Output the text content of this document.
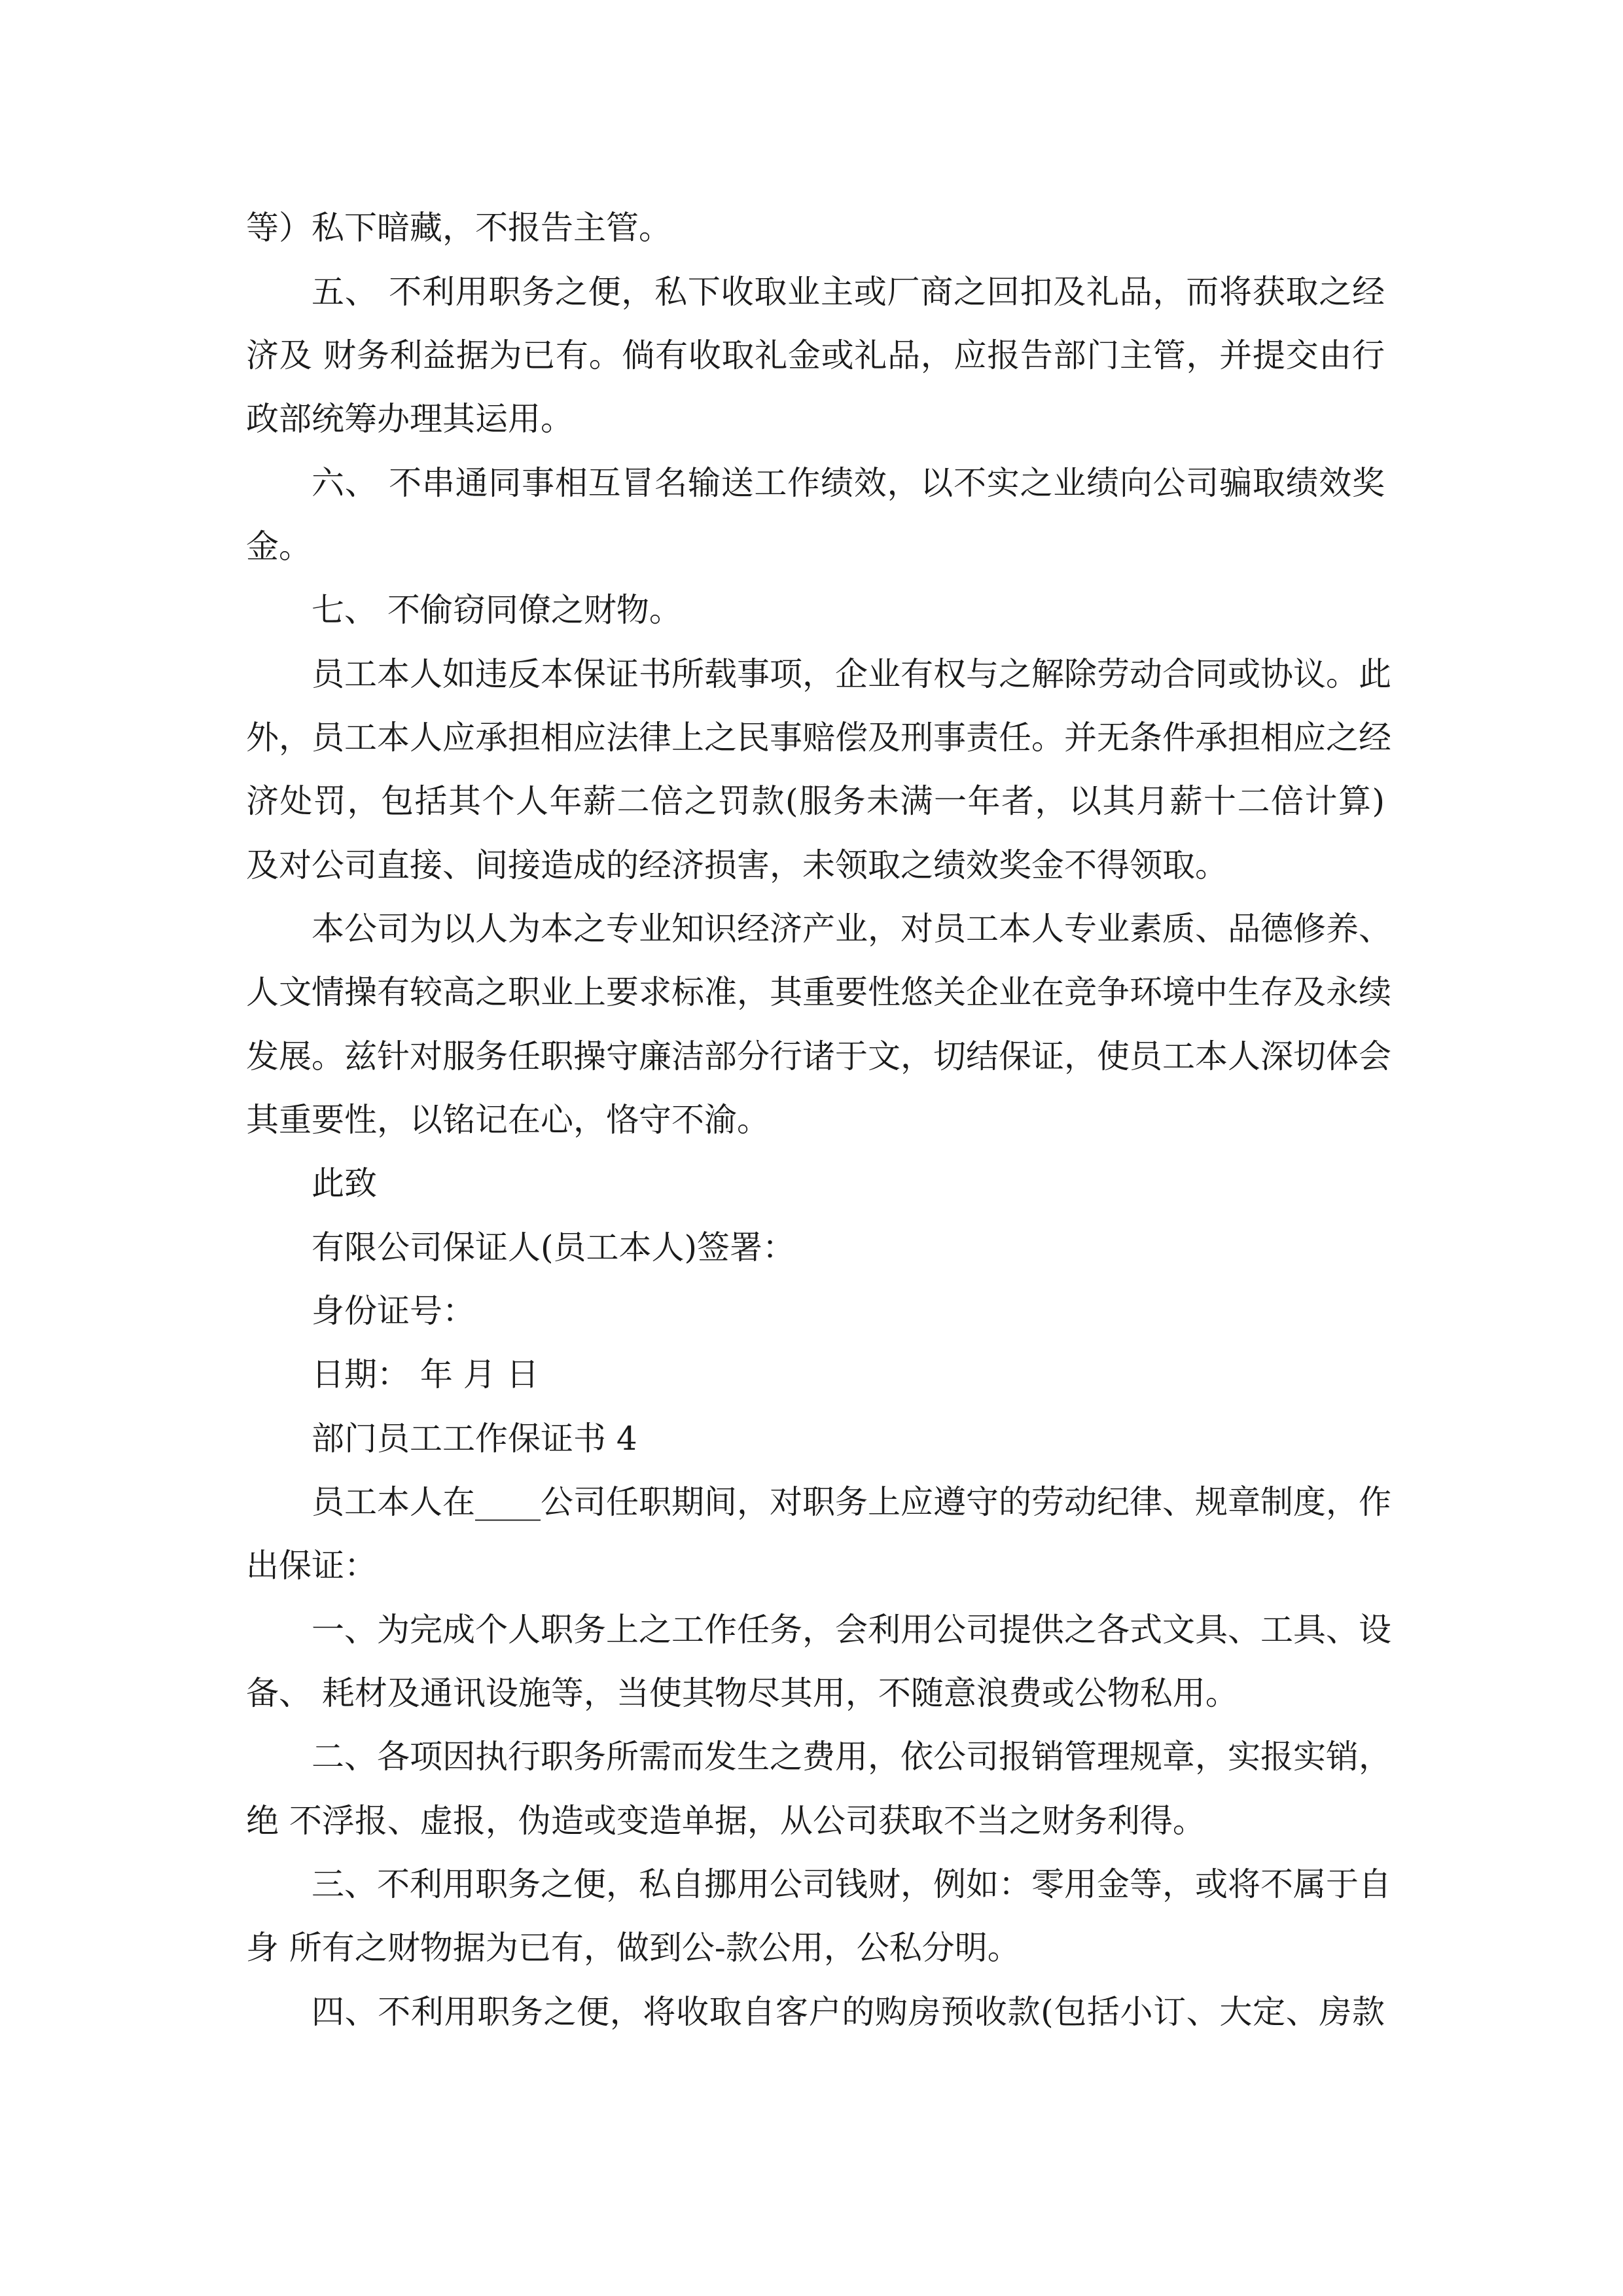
等）私下暗藏，不报告主管。

五、 不利用职务之便，私下收取业主或厂商之回扣及礼品，而将获取之经

济及 财务利益据为已有。倘有收取礼金或礼品，应报告部门主管，并提交由行

政部统筹办理其运用。

六、 不串通同事相互冒名输送工作绩效，以不实之业绩向公司骗取绩效奖

金。

七、 不偷窃同僚之财物。

员工本人如违反本保证书所载事项，企业有权与之解除劳动合同或协议。此

外，员工本人应承担相应法律上之民事赔偿及刑事责任。并无条件承担相应之经

济处罚，包括其个人年薪二倍之罚款(服务未满一年者，以其月薪十二倍计算)

及对公司直接、间接造成的经济损害，未领取之绩效奖金不得领取。

本公司为以人为本之专业知识经济产业，对员工本人专业素质、品德修养、

人文情操有较高之职业上要求标准，其重要性悠关企业在竞争环境中生存及永续

发展。兹针对服务任职操守廉洁部分行诸于文，切结保证，使员工本人深切体会

其重要性，以铭记在心，恪守不渝。

此致

有限公司保证人(员工本人)签署：

身份证号：

日期： 年 月 日

部门员工工作保证书 4

员工本人在____公司任职期间，对职务上应遵守的劳动纪律、规章制度，作

出保证：

一、为完成个人职务上之工作任务，会利用公司提供之各式文具、工具、设

备、 耗材及通讯设施等，当使其物尽其用，不随意浪费或公物私用。

二、各项因执行职务所需而发生之费用，依公司报销管理规章，实报实销，

绝 不浮报、虚报，伪造或变造单据，从公司获取不当之财务利得。

三、不利用职务之便，私自挪用公司钱财，例如：零用金等，或将不属于自

身 所有之财物据为已有，做到公-款公用，公私分明。

四、不利用职务之便，将收取自客户的购房预收款(包括小订、大定、房款
